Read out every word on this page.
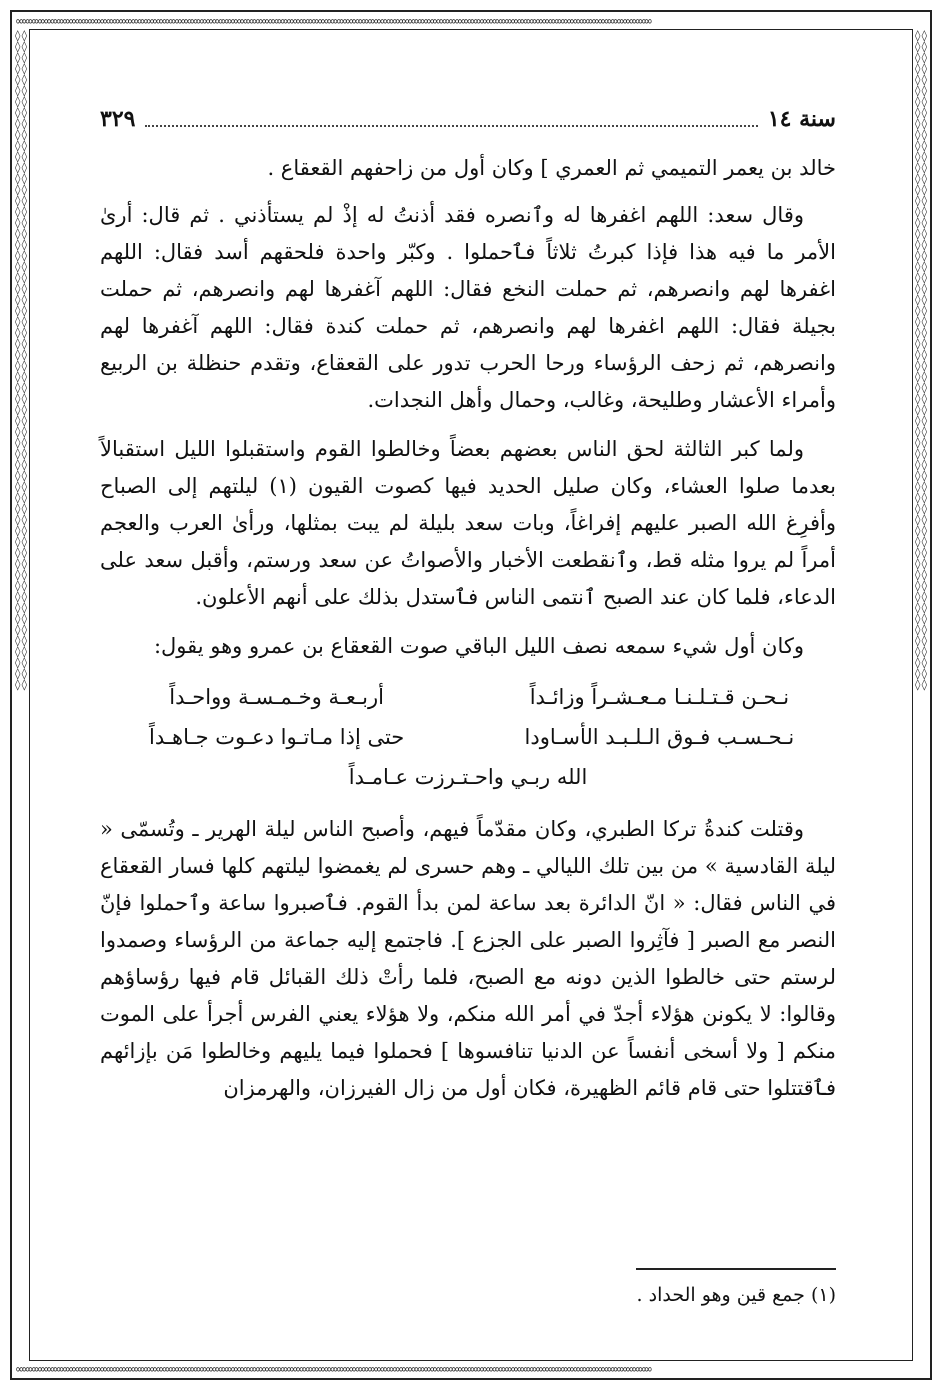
∞∞∞∞∞∞∞∞∞∞∞∞∞∞∞∞∞∞∞∞∞∞∞∞∞∞∞∞∞∞∞∞∞∞∞∞∞∞∞∞∞∞∞∞∞∞∞∞∞∞∞∞∞∞∞∞∞∞∞∞∞∞∞∞∞∞∞∞∞∞∞∞∞∞∞∞∞∞∞∞∞∞∞∞∞∞∞∞∞∞∞∞∞∞∞∞∞∞∞∞∞∞
∞∞∞∞∞∞∞∞∞∞∞∞∞∞∞∞∞∞∞∞∞∞∞∞∞∞∞∞∞∞∞∞∞∞∞∞∞∞∞∞∞∞∞∞∞∞∞∞∞∞∞∞∞∞∞∞∞∞∞∞∞∞∞∞∞∞∞∞∞∞∞∞∞∞∞∞∞∞∞∞∞∞∞∞∞∞∞∞∞∞∞∞∞∞∞∞∞∞∞∞∞∞
◊◊◊◊◊◊◊◊◊◊◊◊◊◊◊◊◊◊◊◊◊◊◊◊◊◊◊◊◊◊◊◊◊◊◊◊◊◊◊◊◊◊◊◊◊◊◊◊◊◊◊◊◊◊◊◊◊◊◊◊◊◊◊◊◊◊◊◊◊◊◊◊◊◊◊◊◊◊◊◊◊◊◊◊◊◊◊◊◊◊◊◊◊◊◊◊◊◊◊◊◊◊◊◊◊◊◊◊◊◊◊◊◊◊◊◊◊◊◊◊
◊◊◊◊◊◊◊◊◊◊◊◊◊◊◊◊◊◊◊◊◊◊◊◊◊◊◊◊◊◊◊◊◊◊◊◊◊◊◊◊◊◊◊◊◊◊◊◊◊◊◊◊◊◊◊◊◊◊◊◊◊◊◊◊◊◊◊◊◊◊◊◊◊◊◊◊◊◊◊◊◊◊◊◊◊◊◊◊◊◊◊◊◊◊◊◊◊◊◊◊◊◊◊◊◊◊◊◊◊◊◊◊◊◊◊◊◊◊◊◊
سنة ١٤
٣٢٩

خالد بن يعمر التميمي ثم العمري ] وكان أول من زاحفهم القعقاع .

وقال سعد: اللهم اغفرها له وٱنصره فقد أذنتُ له إذْ لم يستأذني . ثم قال: أرىٰ الأمر ما فيه هذا فإذا كبرتُ ثلاثاً فٱحملوا . وكبّر واحدة فلحقهم أسد فقال: اللهم اغفرها لهم وانصرهم، ثم حملت النخع فقال: اللهم آغفرها لهم وانصرهم، ثم حملت بجيلة فقال: اللهم اغفرها لهم وانصرهم، ثم حملت كندة فقال: اللهم آغفرها لهم وانصرهم، ثم زحف الرؤساء ورحا الحرب تدور على القعقاع، وتقدم حنظلة بن الربيع وأمراء الأعشار وطليحة، وغالب، وحمال وأهل النجدات.

ولما كبر الثالثة لحق الناس بعضهم بعضاً وخالطوا القوم واستقبلوا الليل استقبالاً بعدما صلوا العشاء، وكان صليل الحديد فيها كصوت القيون (١) ليلتهم إلى الصباح وأفرِغ الله الصبر عليهم إفراغاً، وبات سعد بليلة لم يبت بمثلها، ورأىٰ العرب والعجم أمراً لم يروا مثله قط، وٱنقطعت الأخبار والأصواتُ عن سعد ورستم، وأقبل سعد على الدعاء، فلما كان عند الصبح ٱنتمى الناس فٱستدل بذلك على أنهم الأعلون.

وكان أول شيء سمعه نصف الليل الباقي صوت القعقاع بن عمرو وهو يقول:

نـحـن قـتـلـنـا مـعـشـراً وزائـداً
أربـعـة وخـمـسـة وواحـداً
نـحـسـب فـوق الـلـبـد الأسـاودا
حتى إذا مـاتـوا دعـوت جـاهـداً
الله ربـي واحـتـرزت عـامـداً

وقتلت كندةُ تركا الطبري، وكان مقدّماً فيهم، وأصبح الناس ليلة الهرير ـ وتُسمّى « ليلة القادسية » من بين تلك الليالي ـ وهم حسرى لم يغمضوا ليلتهم كلها فسار القعقاع في الناس فقال: « انّ الدائرة بعد ساعة لمن بدأ القوم. فٱصبروا ساعة وٱحملوا فإنّ النصر مع الصبر [ فآثِروا الصبر على الجزع ]. فاجتمع إليه جماعة من الرؤساء وصمدوا لرستم حتى خالطوا الذين دونه مع الصبح، فلما رأتْ ذلك القبائل قام فيها رؤساؤهم وقالوا: لا يكونن هؤلاء أجدّ في أمر الله منكم، ولا هؤلاء يعني الفرس أجرأ على الموت منكم [ ولا أسخى أنفساً عن الدنيا تنافسوها ] فحملوا فيما يليهم وخالطوا مَن بإزائهم فٱقتتلوا حتى قام قائم الظهيرة، فكان أول من زال الفيرزان، والهرمزان

(١) جمع قين وهو الحداد .
